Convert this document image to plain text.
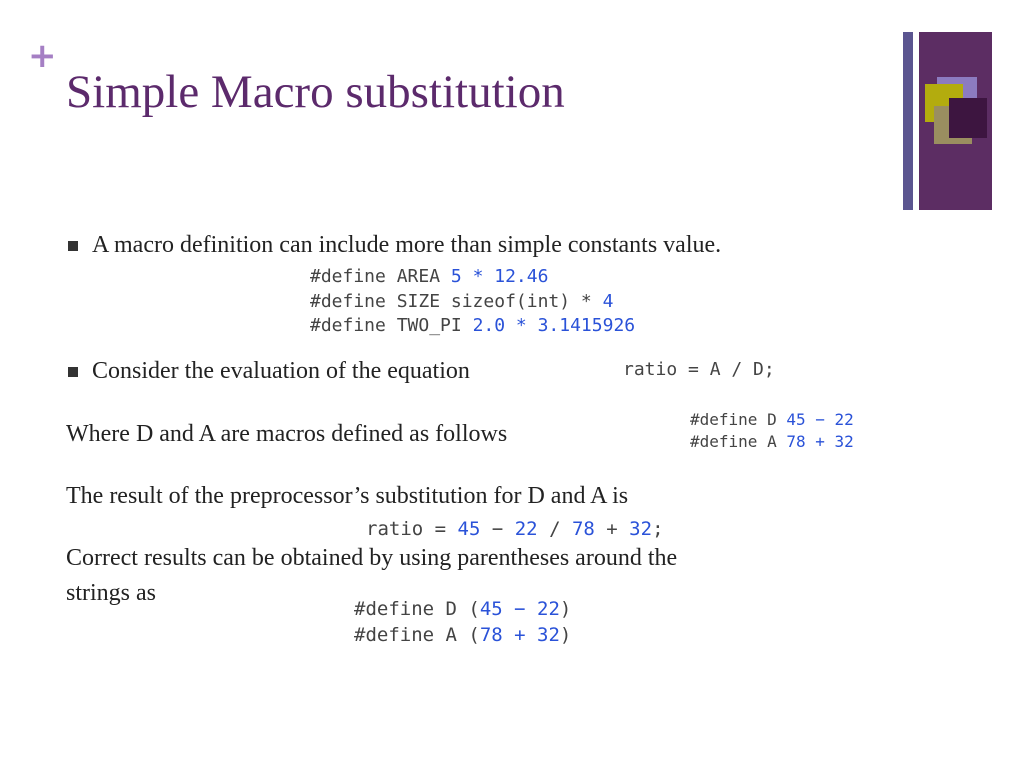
+
Simple Macro substitution
A macro definition can include more than simple constants value.
#define AREA 5 * 12.46
#define SIZE sizeof(int) * 4
#define TWO_PI 2.0 * 3.1415926
Consider the evaluation of the equation	ratio = A / D;
Where D and A are macros defined as follows
#define D 45 − 22
#define A 78 + 32
The result of the preprocessor’s substitution for D and A is
ratio = 45 − 22 / 78 + 32;
Correct results can be obtained by using parentheses around the
strings as
#define D (45 − 22)
#define A (78 + 32)
